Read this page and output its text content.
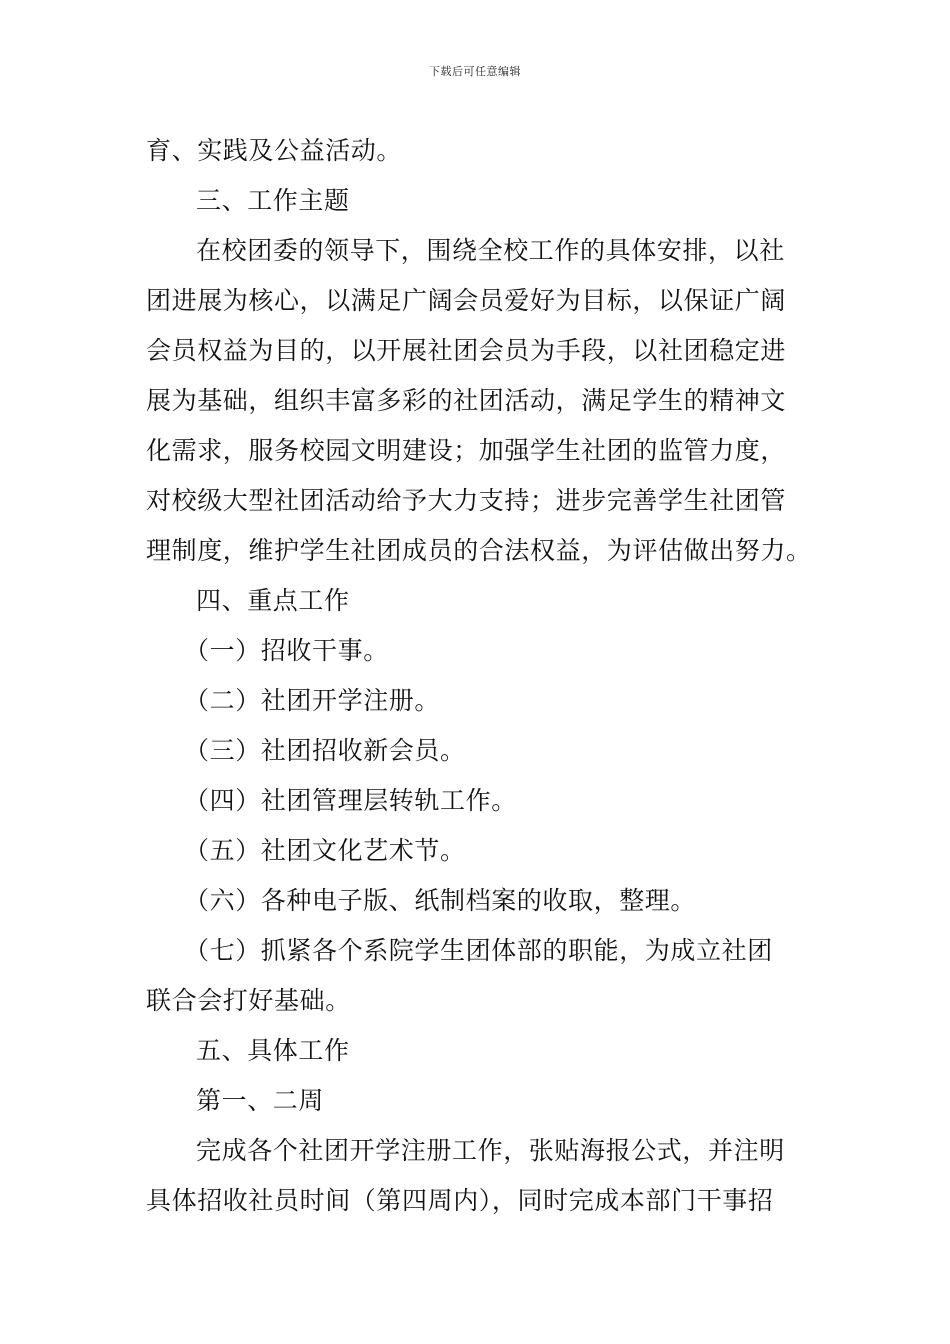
下载后可任意编辑
育、实践及公益活动。
三、工作主题
在校团委的领导下，围绕全校工作的具体安排，以社
团进展为核心，以满足广阔会员爱好为目标，以保证广阔
会员权益为目的，以开展社团会员为手段，以社团稳定进
展为基础，组织丰富多彩的社团活动，满足学生的精神文
化需求，服务校园文明建设；加强学生社团的监管力度，
对校级大型社团活动给予大力支持；进步完善学生社团管
理制度，维护学生社团成员的合法权益，为评估做出努力。
四、重点工作
（一）招收干事。
（二）社团开学注册。
（三）社团招收新会员。
（四）社团管理层转轨工作。
（五）社团文化艺术节。
（六）各种电子版、纸制档案的收取，整理。
（七）抓紧各个系院学生团体部的职能，为成立社团
联合会打好基础。
五、具体工作
第一、二周
完成各个社团开学注册工作，张贴海报公式，并注明
具体招收社员时间（第四周内），同时完成本部门干事招
